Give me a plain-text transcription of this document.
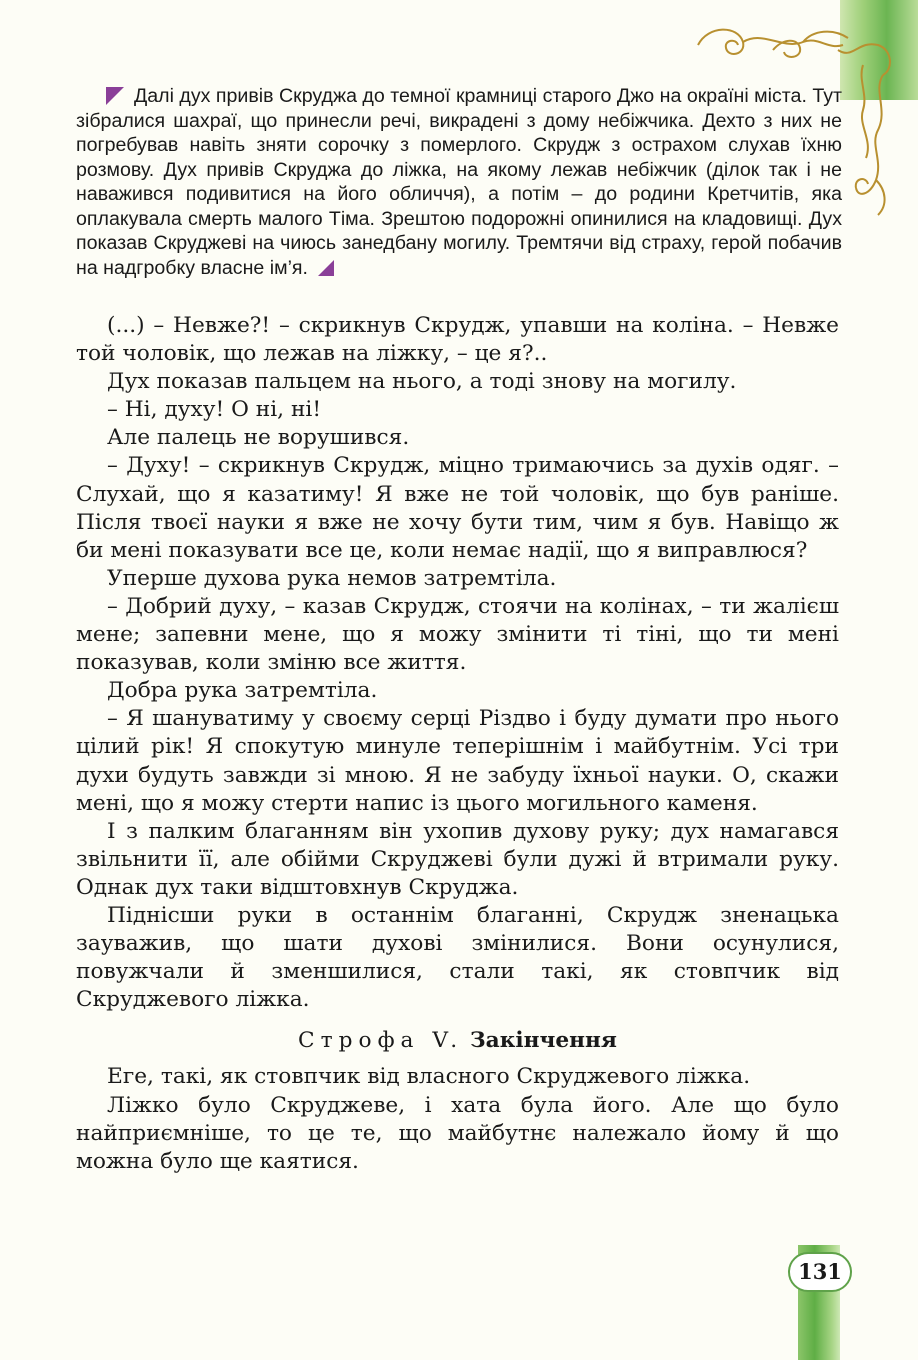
Далі дух привів Скруджа до темної крамниці старого Джо на окраїні міста. Тут зібралися шахраї, що принесли речі, викрадені з дому небіжчика. Дехто з них не погребував навіть зняти сорочку з померлого. Скрудж з острахом слухав їхню розмову. Дух привів Скруджа до ліжка, на якому лежав небіжчик (ділок так і не наважився подивитися на його обличчя), а потім – до родини Кретчитів, яка оплакувала смерть малого Тіма. Зрештою подорожні опинилися на кладовищі. Дух показав Скруджеві на чиюсь занедбану могилу. Тремтячи від страху, герой побачив на надгробку власне ім’я.

(...) – Невже?! – скрикнув Скрудж, упавши на коліна. – Невже той чоловік, що лежав на ліжку, – це я?..

Дух показав пальцем на нього, а тоді знову на могилу.

– Ні, духу! О ні, ні!

Але палець не ворушився.

– Духу! – скрикнув Скрудж, міцно тримаючись за духів одяг. – Слухай, що я казатиму! Я вже не той чоловік, що був раніше. Після твоєї науки я вже не хочу бути тим, чим я був. Навіщо ж би мені показувати все це, коли немає надії, що я виправлюся?

Уперше духова рука немов затремтіла.

– Добрий духу, – казав Скрудж, стоячи на колінах, – ти жалієш мене; запевни мене, що я можу змінити ті тіні, що ти мені показував, коли зміню все життя.

Добра рука затремтіла.

– Я шануватиму у своєму серці Різдво і буду думати про нього цілий рік! Я спокутую минуле теперішнім і майбутнім. Усі три духи будуть завжди зі мною. Я не забуду їхньої науки. О, скажи мені, що я можу стерти напис із цього могильного каменя.

І з палким благанням він ухопив духову руку; дух намагався звільнити її, але обійми Скруджеві були дужі й втримали руку. Однак дух таки відштовхнув Скруджа.

Піднісши руки в останнім благанні, Скрудж зненацька зауважив, що шати духові змінилися. Вони осунулися, повужчали й зменшилися, стали такі, як стовпчик від Скруджевого ліжка.

Строфа V. Закінчення

Еге, такі, як стовпчик від власного Скруджевого ліжка.

Ліжко було Скруджеве, і хата була його. Але що було найприємніше, то це те, що майбутнє належало йому й що можна було ще каятися.

131
